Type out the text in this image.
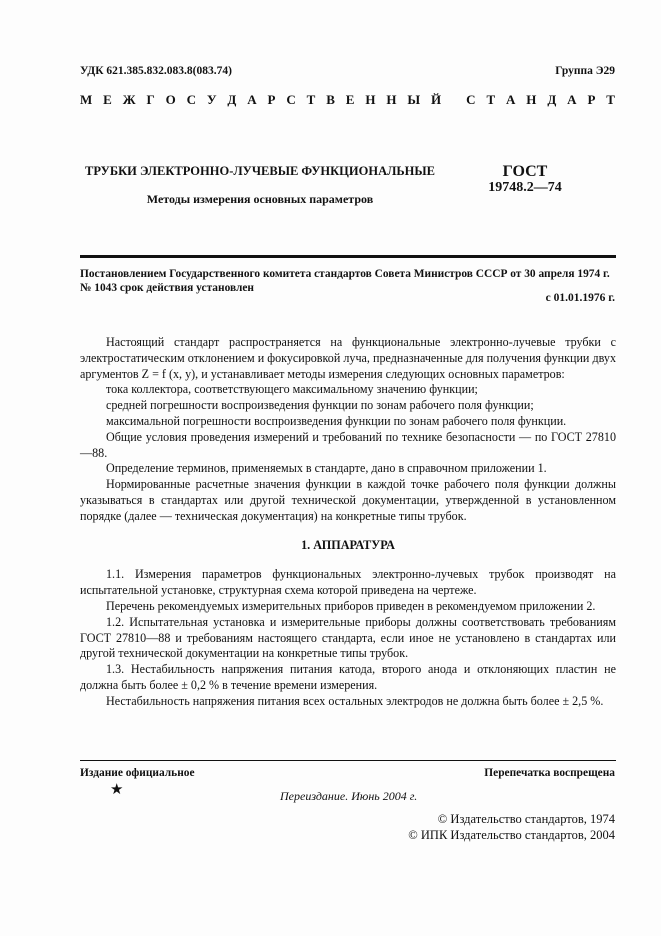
УДК 621.385.832.083.8(083.74)	Группа Э29
М Е Ж Г О С У Д А Р С Т В Е Н Н Ы Й
С Т А Н Д А Р Т
ТРУБКИ ЭЛЕКТРОННО-ЛУЧЕВЫЕ ФУНКЦИОНАЛЬНЫЕ
Методы измерения основных параметров
ГОСТ
19748.2—74
Постановлением Государственного комитета стандартов Совета Министров СССР от 30 апреля 1974 г. № 1043 срок действия установлен
с 01.01.1976 г.

Настоящий стандарт распространяется на функциональные электронно-лучевые трубки с электростатическим отклонением и фокусировкой луча, предназначенные для получения функции двух аргументов Z = f (x, y), и устанавливает методы измерения следующих основных параметров:

тока коллектора, соответствующего максимальному значению функции;

средней погрешности воспроизведения функции по зонам рабочего поля функции;

максимальной погрешности воспроизведения функции по зонам рабочего поля функции.

Общие условия проведения измерений и требований по технике безопасности — по ГОСТ 27810—88.

Определение терминов, применяемых в стандарте, дано в справочном приложении 1.

Нормированные расчетные значения функции в каждой точке рабочего поля функции должны указываться в стандартах или другой технической документации, утвержденной в установленном порядке (далее — техническая документация) на конкретные типы трубок.

1. АППАРАТУРА

1.1. Измерения параметров функциональных электронно-лучевых трубок производят на испытательной установке, структурная схема которой приведена на чертеже.

Перечень рекомендуемых измерительных приборов приведен в рекомендуемом приложении 2.

1.2. Испытательная установка и измерительные приборы должны соответствовать требованиям ГОСТ 27810—88 и требованиям настоящего стандарта, если иное не установлено в стандартах или другой технической документации на конкретные типы трубок.

1.3. Нестабильность напряжения питания катода, второго анода и отклоняющих пластин не должна быть более ± 0,2 % в течение времени измерения.

Нестабильность напряжения питания всех остальных электродов не должна быть более ± 2,5 %.

Издание официальное	Перепечатка воспрещена
★	Переиздание. Июнь 2004 г.
© Издательство стандартов, 1974
© ИПК Издательство стандартов, 2004
